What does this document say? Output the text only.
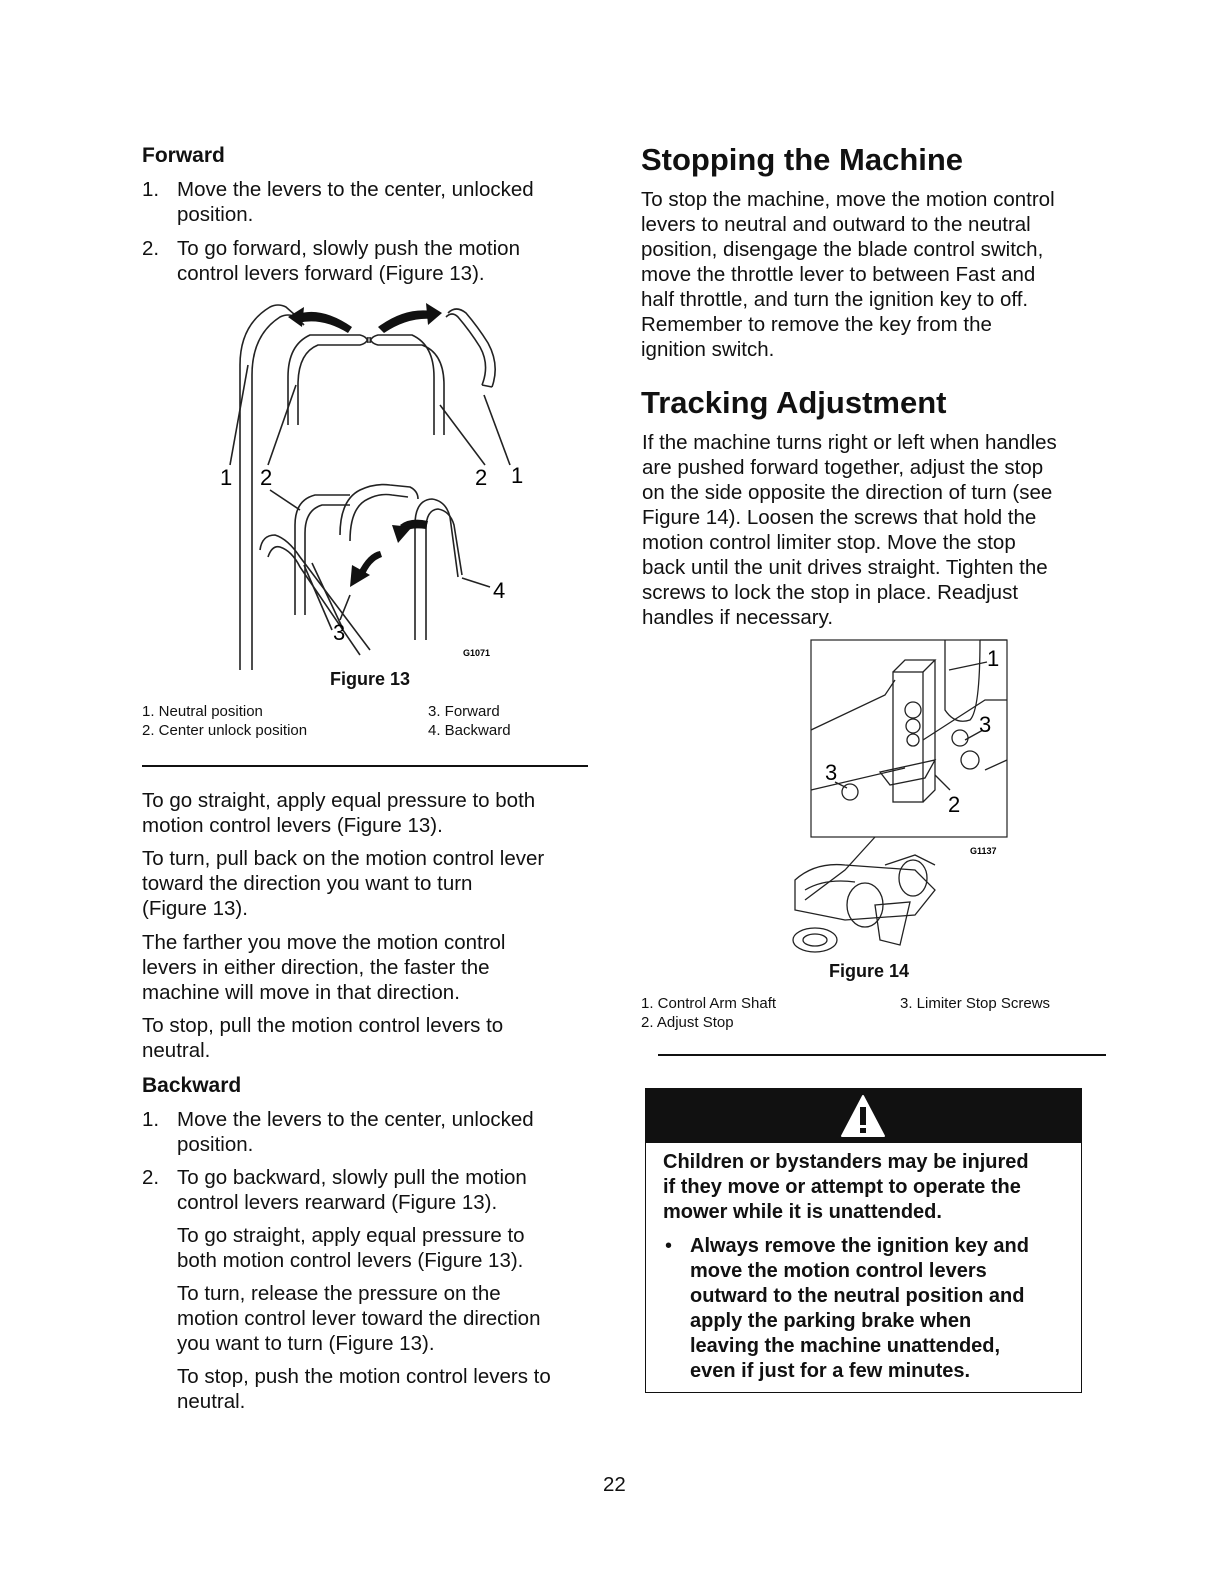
Forward
1. Move the levers to the center, unlocked
position.
2. To go forward, slowly push the motion
control levers forward (Figure 13).
1 2	2 1
3
4
G1071
Figure 13
1. Neutral position
2. Center unlock position
3. Forward
4. Backward
To go straight, apply equal pressure to both
motion control levers (Figure 13).
To turn, pull back on the motion control lever
toward the direction you want to turn
(Figure 13).
The farther you move the motion control
levers in either direction, the faster the
machine will move in that direction.
To stop, pull the motion control levers to
neutral.
Backward
1. Move the levers to the center, unlocked
position.
2. To go backward, slowly pull the motion
control levers rearward (Figure 13).
To go straight, apply equal pressure to
both motion control levers (Figure 13).
To turn, release the pressure on the
motion control lever toward the direction
you want to turn (Figure 13).
To stop, push the motion control levers to
neutral.
Stopping the Machine
To stop the machine, move the motion control
levers to neutral and outward to the neutral
position, disengage the blade control switch,
move the throttle lever to between Fast and
half throttle, and turn the ignition key to off.
Remember to remove the key from the
ignition switch.
Tracking Adjustment
If the machine turns right or left when handles
are pushed forward together, adjust the stop
on the side opposite the direction of turn (see
Figure 14). Loosen the screws that hold the
motion control limiter stop. Move the stop
back until the unit drives straight. Tighten the
screws to lock the stop in place. Readjust
handles if necessary.
1
3
3
2
G1137
Figure 14
1. Control Arm Shaft
2. Adjust Stop
3. Limiter Stop Screws
Children or bystanders may be injured
if they move or attempt to operate the
mower while it is unattended.
• Always remove the ignition key and
move the motion control levers
outward to the neutral position and
apply the parking brake when
leaving the machine unattended,
even if just for a few minutes.
22
